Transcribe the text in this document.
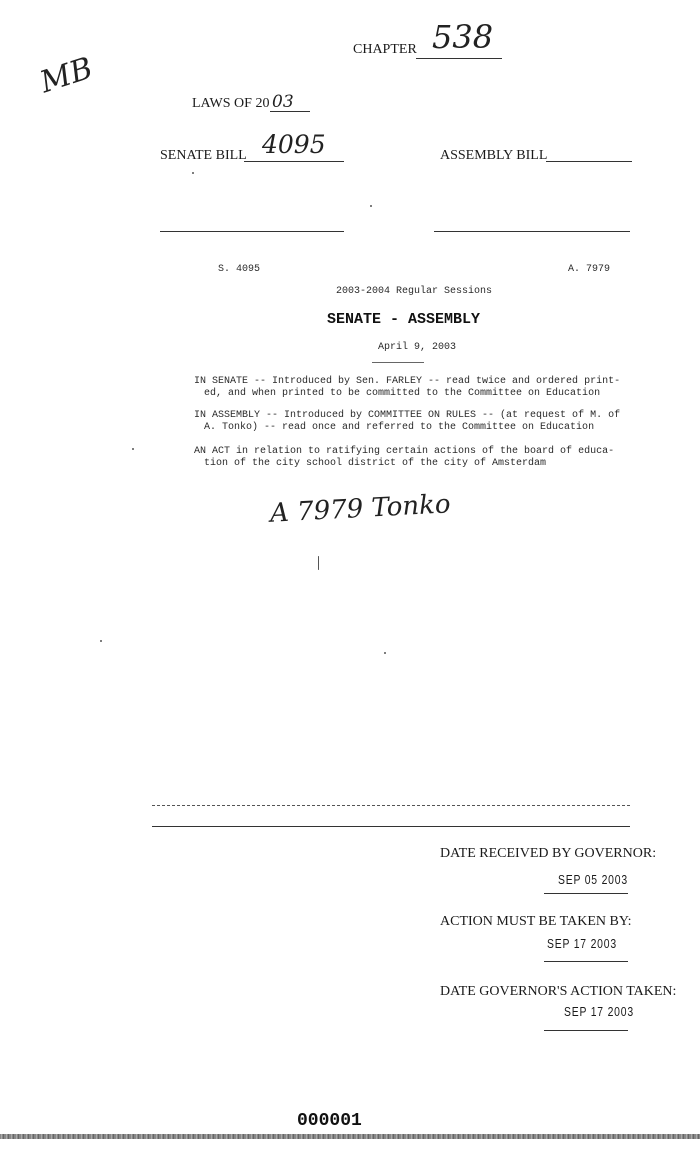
MB
CHAPTER 538
LAWS OF 20 03
SENATE BILL 4095	ASSEMBLY BILL
S. 4095	A. 7979
2003-2004 Regular Sessions
SENATE - ASSEMBLY
April 9, 2003
IN SENATE -- Introduced by Sen. FARLEY -- read twice and ordered print-
ed, and when printed to be committed to the Committee on Education
IN ASSEMBLY -- Introduced by COMMITTEE ON RULES -- (at request of M. of
A. Tonko) -- read once and referred to the Committee on Education
AN ACT in relation to ratifying certain actions of the board of educa-
tion of the city school district of the city of Amsterdam
A 7979 Tonko
DATE RECEIVED BY GOVERNOR:
SEP 05 2003
ACTION MUST BE TAKEN BY:
SEP 17 2003
DATE GOVERNOR'S ACTION TAKEN:
SEP 17 2003
000001
